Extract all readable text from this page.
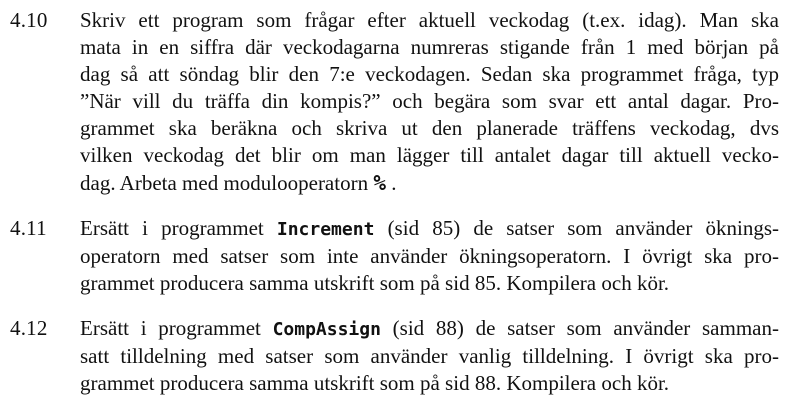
4.10 Skriv ett program som frågar efter aktuell veckodag (t.ex. idag). Man ska
mata in en siffra där veckodagarna numreras stigande från 1 med början på
dag så att söndag blir den 7:e veckodagen. Sedan ska programmet fråga, typ
”När vill du träffa din kompis?” och begära som svar ett antal dagar. Pro-
grammet ska beräkna och skriva ut den planerade träffens veckodag, dvs
vilken veckodag det blir om man lägger till antalet dagar till aktuell vecko-
dag. Arbeta med modulooperatorn % .
4.11 Ersätt i programmet Increment (sid 85) de satser som använder öknings-
operatorn med satser som inte använder ökningsoperatorn. I övrigt ska pro-
grammet producera samma utskrift som på sid 85. Kompilera och kör.
4.12 Ersätt i programmet CompAssign (sid 88) de satser som använder samman-
satt tilldelning med satser som använder vanlig tilldelning. I övrigt ska pro-
grammet producera samma utskrift som på sid 88. Kompilera och kör.
